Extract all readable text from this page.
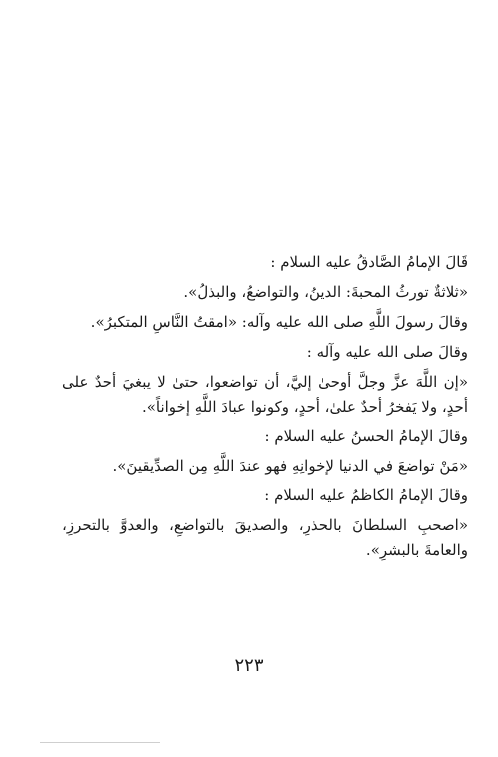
قَالَ الإمامُ الصَّادقُ عليه السلام :
«ثلاثةٌ تورثُ المحبةَ: الدينُ، والتواضعُ، والبذلُ».
وقالَ رسولَ اللَّهِ صلى الله عليه وآله: «امقتُ النَّاسِ المتكبرُ».
وقالَ صلى الله عليه وآله :
«إن اللَّهَ عزَّ وجلَّ أوحىٰ إليَّ، أن تواضعوا، حتىٰ لا يبغيَ أحدٌ على أحدٍ، ولا يَفخرُ أحدٌ علىٰ، أحدٍ، وكونوا عبادَ اللَّهِ إخواناً».
وقالَ الإمامُ الحسنُ عليه السلام :
«مَنْ تواضعَ في الدنيا لإخوانِهِ فهو عندَ اللَّهِ مِن الصدِّيقينَ».
وقالَ الإمامُ الكاظمُ عليه السلام :
«اصحبِ السلطانَ بالحذرِ، والصديقَ بالتواضعِ، والعدوَّ بالتحرزِ، والعامةَ بالبشرِ».
٢٢٣
